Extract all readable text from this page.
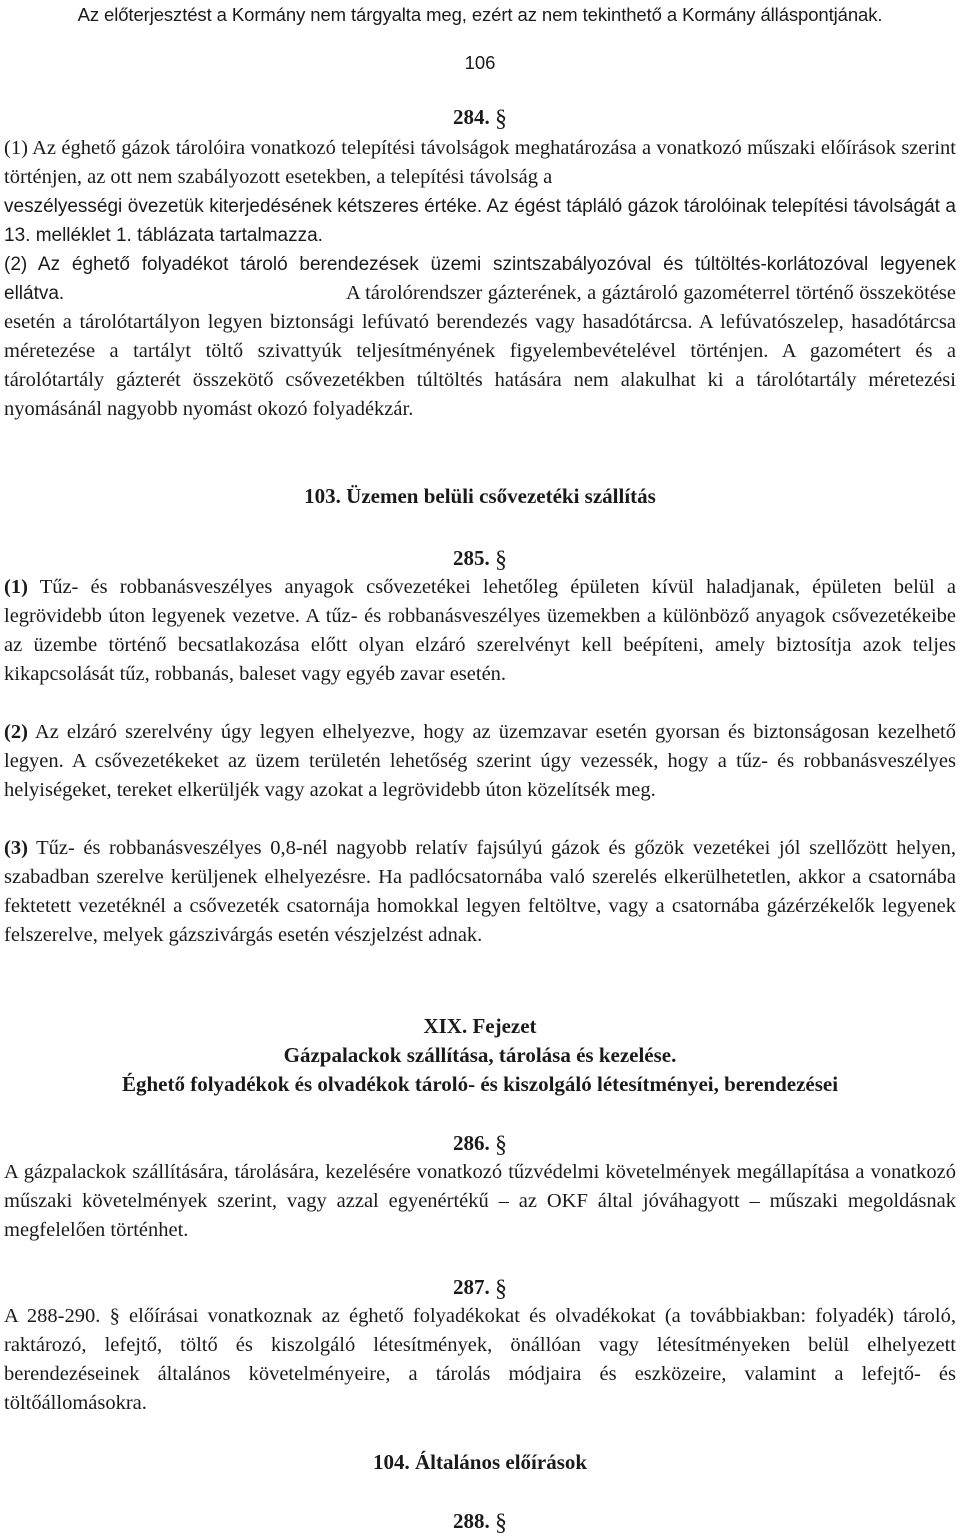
Az előterjesztést a Kormány nem tárgyalta meg, ezért az nem tekinthető a Kormány álláspontjának.
106
284. §

(1) Az éghető gázok tárolóira vonatkozó telepítési távolságok meghatározása a vonatkozó műszaki előírások szerint történjen, az ott nem szabályozott esetekben, a telepítési távolság a

veszélyességi övezetük kiterjedésének kétszeres értéke. Az égést tápláló gázok tárolóinak telepítési távolságát a 13. melléklet 1. táblázata tartalmazza.

(2) Az éghető folyadékot tároló berendezések üzemi szintszabályozóval és túltöltés-korlátozóval legyenek ellátva.	A tárolórendszer gázterének, a gáztároló gazométerrel történő összekötése esetén a tárolótartályon legyen biztonsági lefúvató berendezés vagy hasadótárcsa. A lefúvatószelep, hasadótárcsa méretezése a tartályt töltő szivattyúk teljesítményének figyelembevételével történjen. A gazométert és a tárolótartály gázterét összekötő csővezetékben túltöltés hatására nem alakulhat ki a tárolótartály méretezési nyomásánál nagyobb nyomást okozó folyadékzár.

103. Üzemen belüli csővezetéki szállítás
285. §

(1) Tűz- és robbanásveszélyes anyagok csővezetékei lehetőleg épületen kívül haladjanak, épületen belül a legrövidebb úton legyenek vezetve. A tűz- és robbanásveszélyes üzemekben a különböző anyagok csővezetékeibe az üzembe történő becsatlakozása előtt olyan elzáró szerelvényt kell beépíteni, amely biztosítja azok teljes kikapcsolását tűz, robbanás, baleset vagy egyéb zavar esetén.

(2) Az elzáró szerelvény úgy legyen elhelyezve, hogy az üzemzavar esetén gyorsan és biztonságosan kezelhető legyen. A csővezetékeket az üzem területén lehetőség szerint úgy vezessék, hogy a tűz- és robbanásveszélyes helyiségeket, tereket elkerüljék vagy azokat a legrövidebb úton közelítsék meg.

(3) Tűz- és robbanásveszélyes 0,8-nél nagyobb relatív fajsúlyú gázok és gőzök vezetékei jól szellőzött helyen, szabadban szerelve kerüljenek elhelyezésre. Ha padlócsatornába való szerelés elkerülhetetlen, akkor a csatornába fektetett vezetéknél a csővezeték csatornája homokkal legyen feltöltve, vagy a csatornába gázérzékelők legyenek felszerelve, melyek gázszivárgás esetén vészjelzést adnak.

XIX. Fejezet
Gázpalackok szállítása, tárolása és kezelése.
Éghető folyadékok és olvadékok tároló- és kiszolgáló létesítményei, berendezései
286. §

A gázpalackok szállítására, tárolására, kezelésére vonatkozó tűzvédelmi követelmények megállapítása a vonatkozó műszaki követelmények szerint, vagy azzal egyenértékű – az OKF által jóváhagyott – műszaki megoldásnak megfelelően történhet.

287. §

A 288-290. § előírásai vonatkoznak az éghető folyadékokat és olvadékokat (a továbbiakban: folyadék) tároló, raktározó, lefejtő, töltő és kiszolgáló létesítmények, önállóan vagy létesítményeken belül elhelyezett berendezéseinek általános követelményeire, a tárolás módjaira és eszközeire, valamint a lefejtő- és töltőállomásokra.

104. Általános előírások
288. §
